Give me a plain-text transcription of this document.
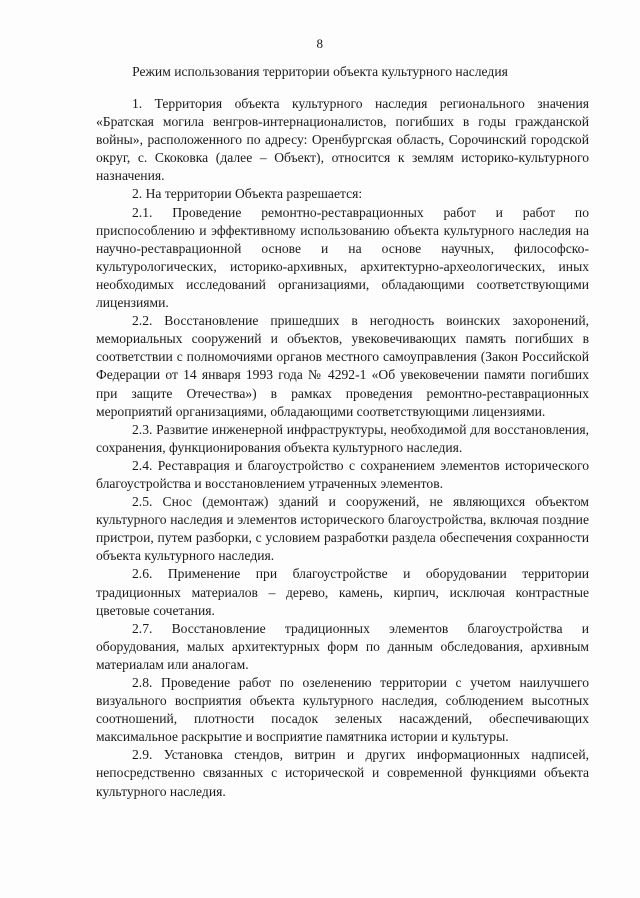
8
Режим использования территории объекта культурного наследия

1. Территория объекта культурного наследия регионального значения «Братская могила венгров-интернационалистов, погибших в годы гражданской войны», расположенного по адресу: Оренбургская область, Сорочинский городской округ, с. Скоковка (далее – Объект), относится к землям историко-культурного назначения.

2. На территории Объекта разрешается:

2.1. Проведение ремонтно-реставрационных работ и работ по приспособлению и эффективному использованию объекта культурного наследия на научно-реставрационной основе и на основе научных, философско-культурологических, историко-архивных, архитектурно-археологических, иных необходимых исследований организациями, обладающими соответствующими лицензиями.

2.2. Восстановление пришедших в негодность воинских захоронений, мемориальных сооружений и объектов, увековечивающих память погибших в соответствии с полномочиями органов местного самоуправления (Закон Российской Федерации от 14 января 1993 года № 4292-1 «Об увековечении памяти погибших при защите Отечества») в рамках проведения ремонтно-реставрационных мероприятий организациями, обладающими соответствующими лицензиями.

2.3. Развитие инженерной инфраструктуры, необходимой для восстановления, сохранения, функционирования объекта культурного наследия.

2.4. Реставрация и благоустройство с сохранением элементов исторического благоустройства и восстановлением утраченных элементов.

2.5. Снос (демонтаж) зданий и сооружений, не являющихся объектом культурного наследия и элементов исторического благоустройства, включая поздние пристрои, путем разборки, с условием разработки раздела обеспечения сохранности объекта культурного наследия.

2.6. Применение при благоустройстве и оборудовании территории традиционных материалов – дерево, камень, кирпич, исключая контрастные цветовые сочетания.

2.7. Восстановление традиционных элементов благоустройства и оборудования, малых архитектурных форм по данным обследования, архивным материалам или аналогам.

2.8. Проведение работ по озеленению территории с учетом наилучшего визуального восприятия объекта культурного наследия, соблюдением высотных соотношений, плотности посадок зеленых насаждений, обеспечивающих максимальное раскрытие и восприятие памятника истории и культуры.

2.9. Установка стендов, витрин и других информационных надписей, непосредственно связанных с исторической и современной функциями объекта культурного наследия.
